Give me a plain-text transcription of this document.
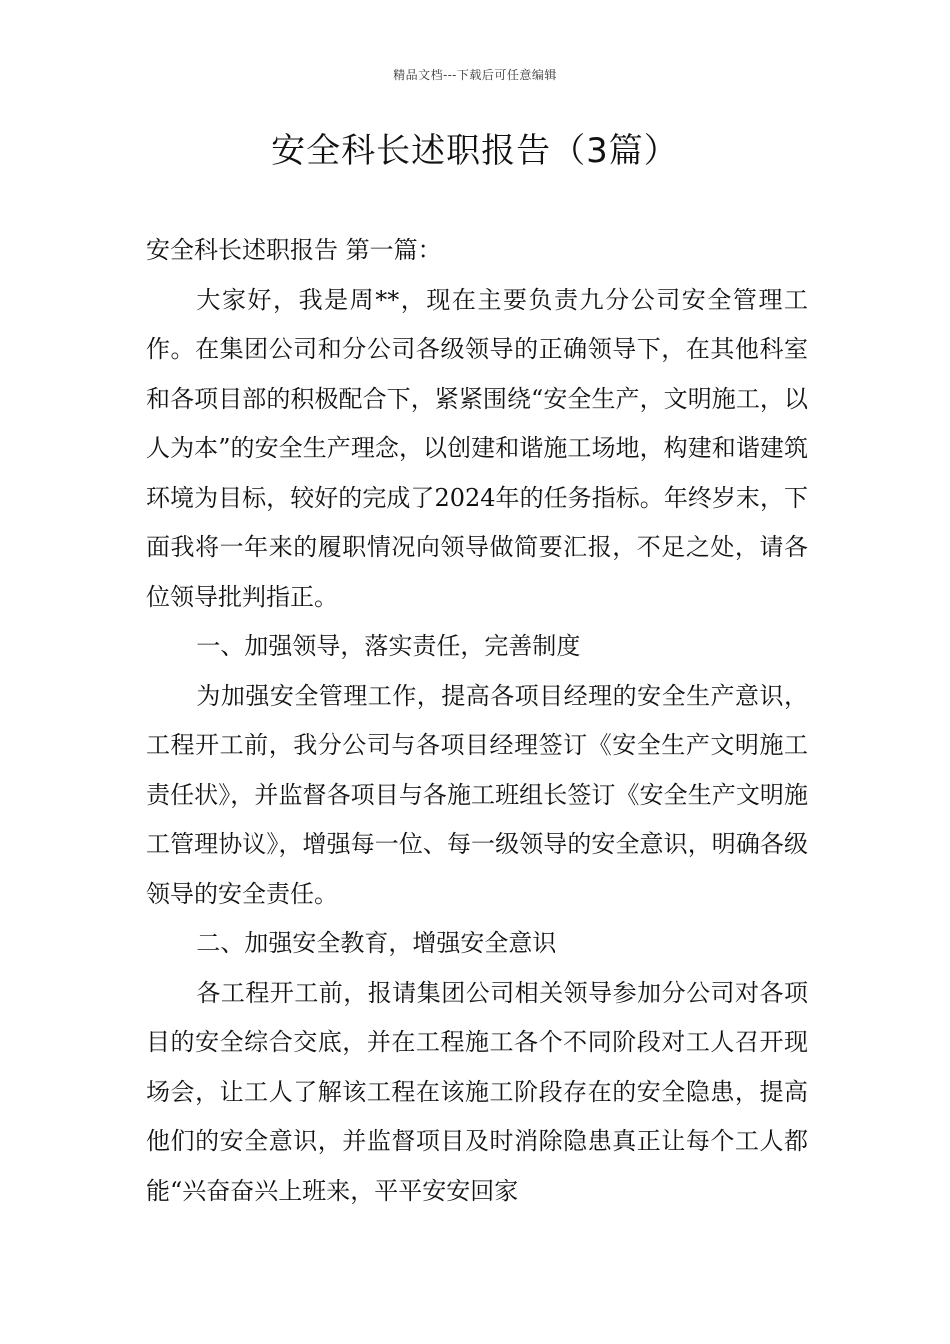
精品文档---下载后可任意编辑
安全科长述职报告（3篇）

安全科长述职报告 第一篇：

大家好，我是周**，现在主要负责九分公司安全管理工作。在集团公司和分公司各级领导的正确领导下，在其他科室和各项目部的积极配合下，紧紧围绕“安全生产，文明施工，以人为本”的安全生产理念，以创建和谐施工场地，构建和谐建筑环境为目标，较好的完成了2024年的任务指标。年终岁末，下面我将一年来的履职情况向领导做简要汇报，不足之处，请各位领导批判指正。

一、加强领导，落实责任，完善制度

为加强安全管理工作，提高各项目经理的安全生产意识，工程开工前，我分公司与各项目经理签订《安全生产文明施工责任状》，并监督各项目与各施工班组长签订《安全生产文明施工管理协议》，增强每一位、每一级领导的安全意识，明确各级领导的安全责任。

二、加强安全教育，增强安全意识

各工程开工前，报请集团公司相关领导参加分公司对各项目的安全综合交底，并在工程施工各个不同阶段对工人召开现场会，让工人了解该工程在该施工阶段存在的安全隐患，提高他们的安全意识，并监督项目及时消除隐患真正让每个工人都能“兴奋奋兴上班来，平平安安回家
